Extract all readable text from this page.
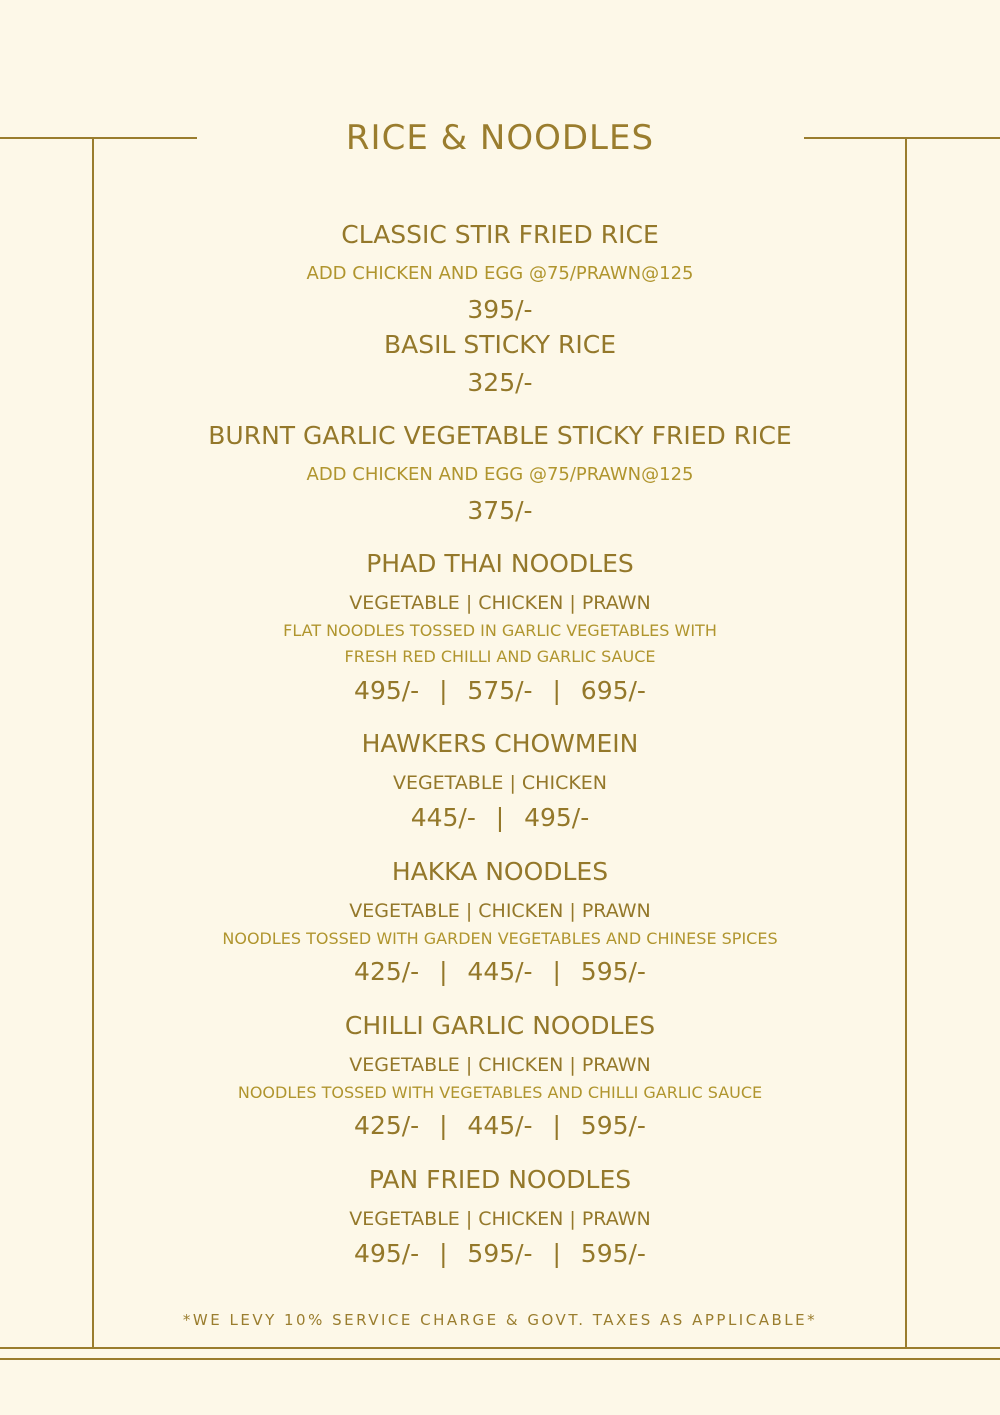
RICE & NOODLES
CLASSIC STIR FRIED RICE
ADD CHICKEN AND EGG @75/PRAWN@125
395/-
BASIL STICKY RICE
325/-
BURNT GARLIC VEGETABLE STICKY FRIED RICE
ADD CHICKEN AND EGG @75/PRAWN@125
375/-
PHAD THAI NOODLES
VEGETABLE | CHICKEN | PRAWN
FLAT NOODLES TOSSED IN GARLIC VEGETABLES WITH
FRESH RED CHILLI AND GARLIC SAUCE
495/-  |  575/-  |  695/-
HAWKERS CHOWMEIN
VEGETABLE | CHICKEN
445/-  |  495/-
HAKKA NOODLES
VEGETABLE | CHICKEN | PRAWN
NOODLES TOSSED WITH GARDEN VEGETABLES AND CHINESE SPICES
425/-  |  445/-  |  595/-
CHILLI GARLIC NOODLES
VEGETABLE | CHICKEN | PRAWN
NOODLES TOSSED WITH VEGETABLES AND CHILLI GARLIC SAUCE
425/-  |  445/-  |  595/-
PAN FRIED NOODLES
VEGETABLE | CHICKEN | PRAWN
495/-  |  595/-  |  595/-
*WE LEVY 10% SERVICE CHARGE & GOVT. TAXES AS APPLICABLE*
